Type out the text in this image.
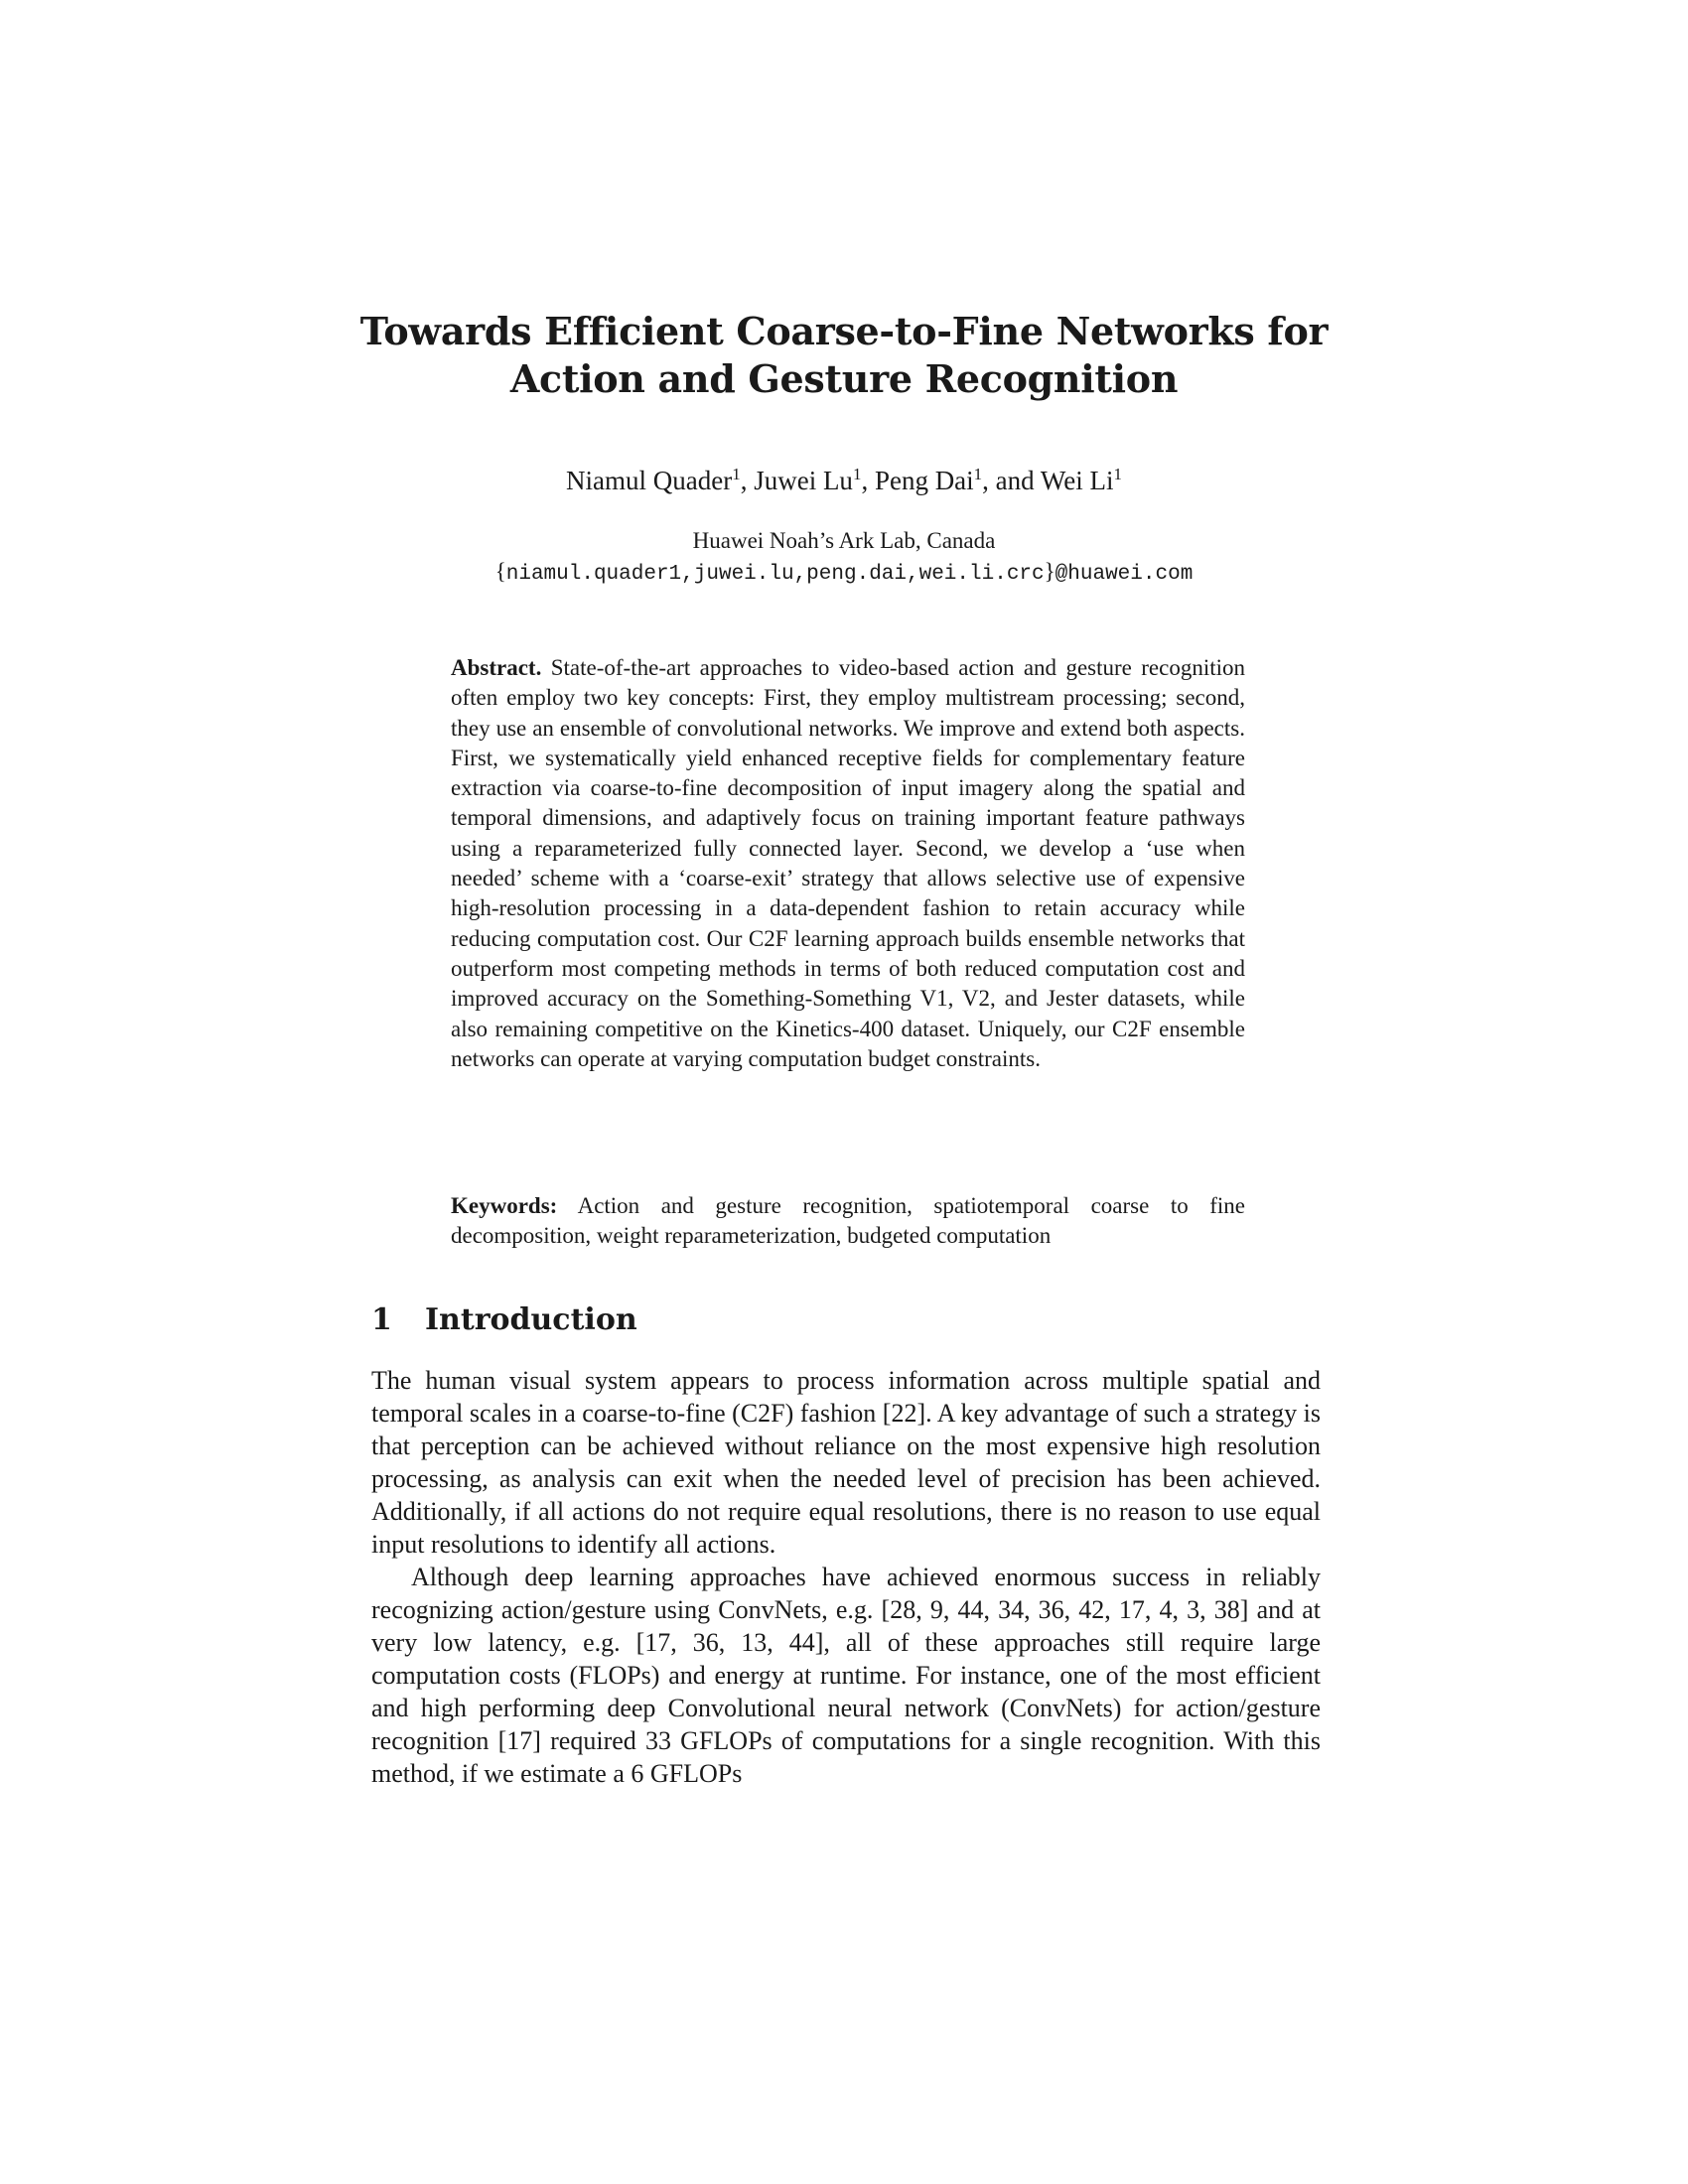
Towards Efficient Coarse-to-Fine Networks for
Action and Gesture Recognition
Niamul Quader$^1$, Juwei Lu$^1$, Peng Dai$^1$, and Wei Li$^1$
Huawei Noah’s Ark Lab, Canada
{niamul.quader1,juwei.lu,peng.dai,wei.li.crc}@huawei.com
Abstract. State-of-the-art approaches to video-based action and gesture recognition often employ two key concepts: First, they employ multistream processing; second, they use an ensemble of convolutional networks. We improve and extend both aspects. First, we systematically yield enhanced receptive fields for complementary feature extraction via coarse-to-fine decomposition of input imagery along the spatial and temporal dimensions, and adaptively focus on training important feature pathways using a reparameterized fully connected layer. Second, we develop a ‘use when needed’ scheme with a ‘coarse-exit’ strategy that allows selective use of expensive high-resolution processing in a data-dependent fashion to retain accuracy while reducing computation cost. Our C2F learning approach builds ensemble networks that outperform most competing methods in terms of both reduced computation cost and improved accuracy on the Something-Something V1, V2, and Jester datasets, while also remaining competitive on the Kinetics-400 dataset. Uniquely, our C2F ensemble networks can operate at varying computation budget constraints.
Keywords: Action and gesture recognition, spatiotemporal coarse to fine decomposition, weight reparameterization, budgeted computation
1 Introduction

The human visual system appears to process information across multiple spatial and temporal scales in a coarse-to-fine (C2F) fashion [22]. A key advantage of such a strategy is that perception can be achieved without reliance on the most expensive high resolution processing, as analysis can exit when the needed level of precision has been achieved. Additionally, if all actions do not require equal resolutions, there is no reason to use equal input resolutions to identify all actions.

Although deep learning approaches have achieved enormous success in reliably recognizing action/gesture using ConvNets, e.g. [28, 9, 44, 34, 36, 42, 17, 4, 3, 38] and at very low latency, e.g. [17, 36, 13, 44], all of these approaches still require large computation costs (FLOPs) and energy at runtime. For instance, one of the most efficient and high performing deep Convolutional neural network (ConvNets) for action/gesture recognition [17] required 33 GFLOPs of computations for a single recognition. With this method, if we estimate a 6 GFLOPs
